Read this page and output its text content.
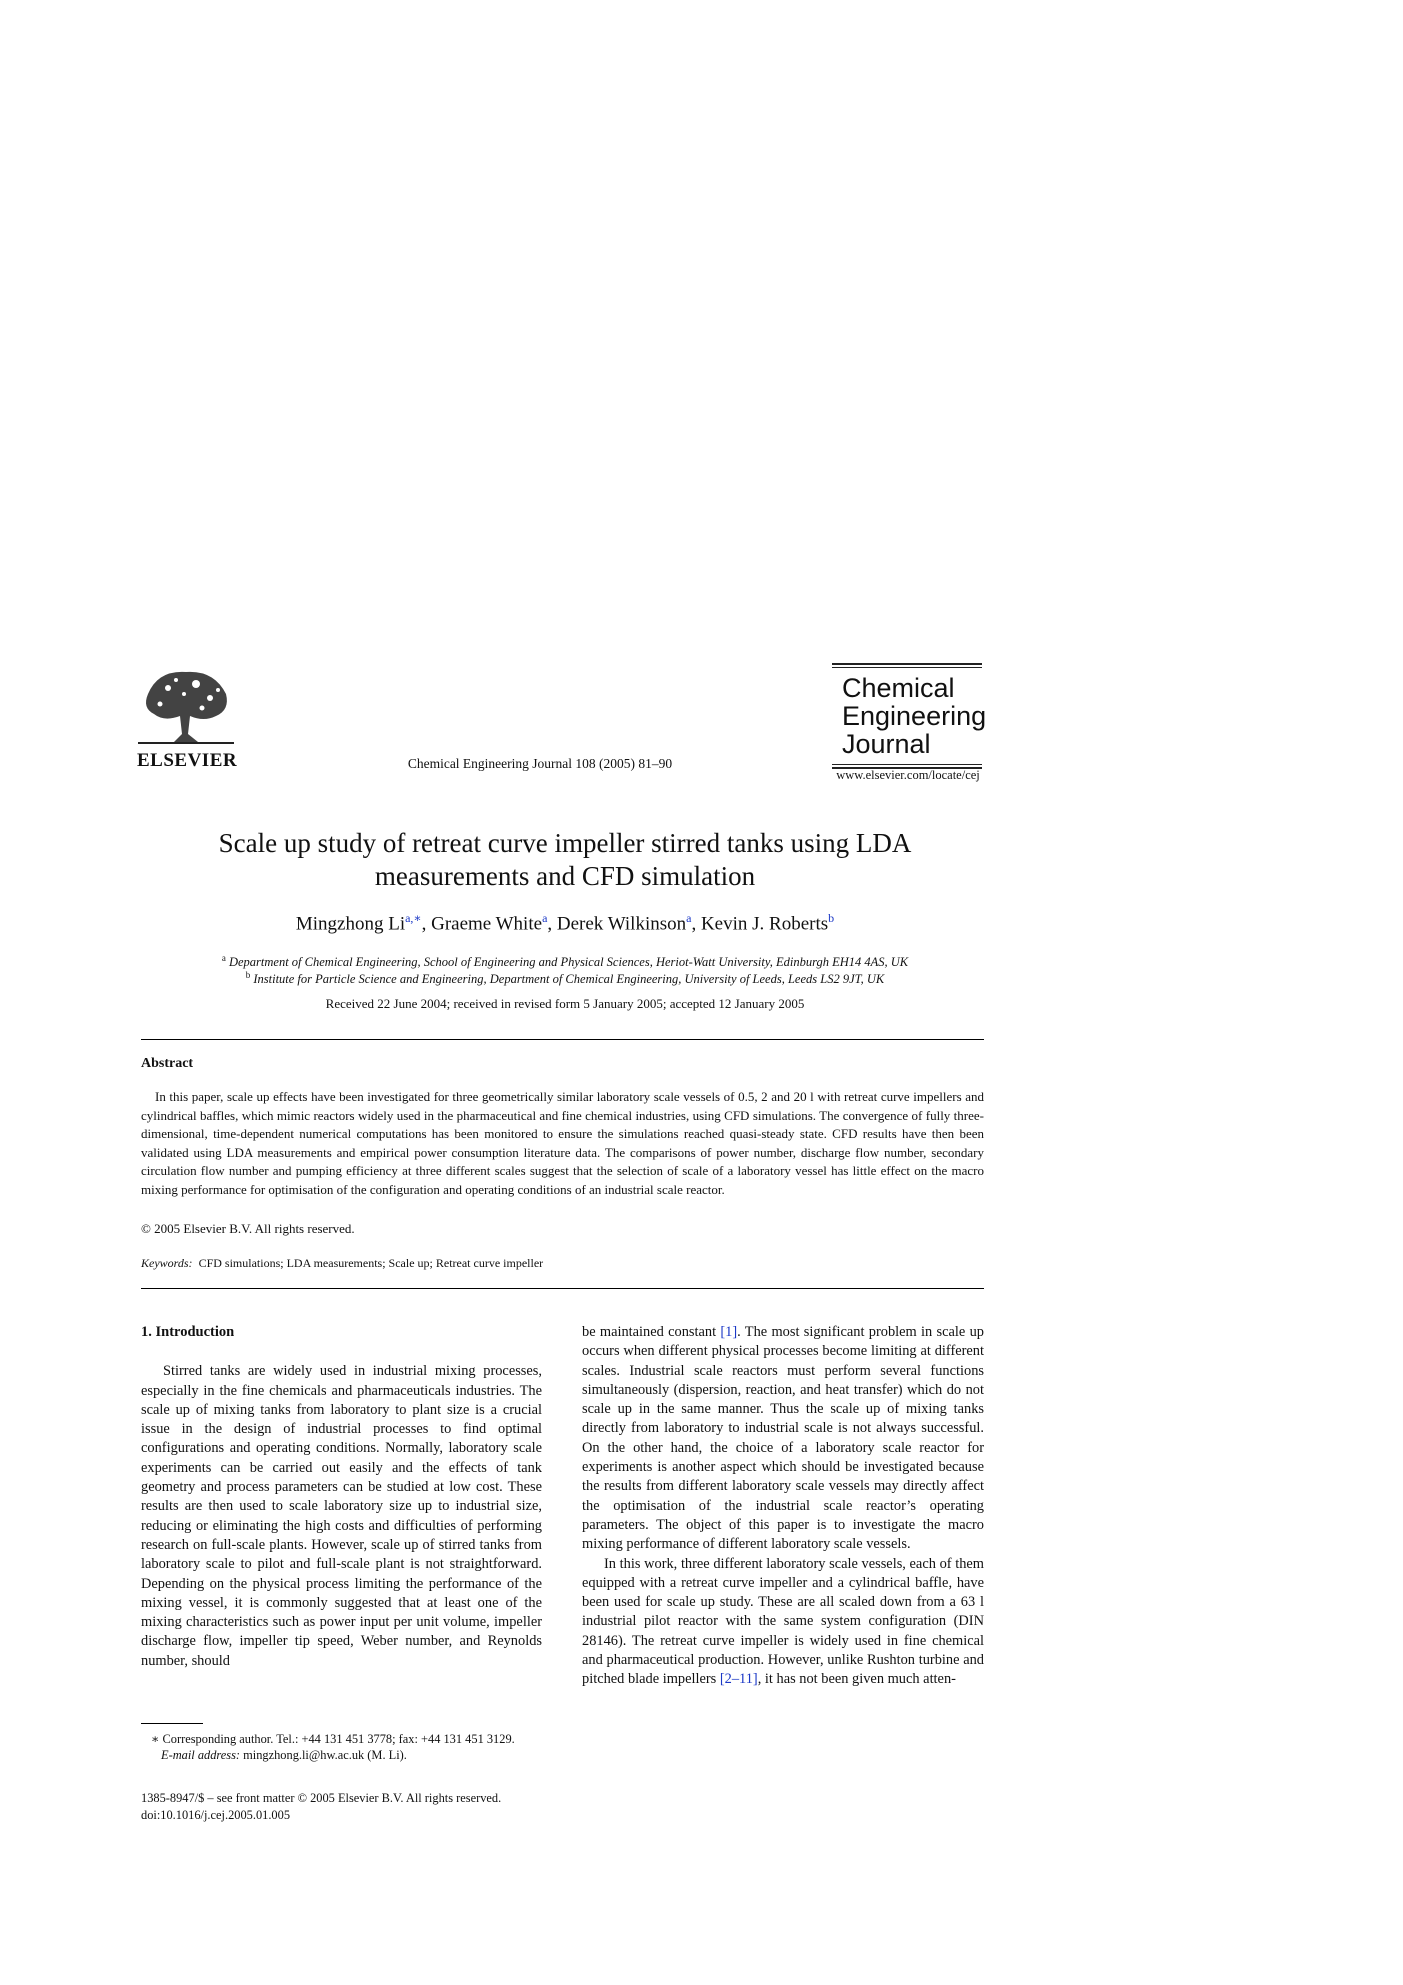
ELSEVIER	Chemical Engineering Journal 108 (2005) 81–90
Chemical
Engineering
Journal
www.elsevier.com/locate/cej
Scale up study of retreat curve impeller stirred tanks using LDA
measurements and CFD simulation
Mingzhong $Li^{a,∗}$, Graeme White$^a$, Derek Wilkinson$^a$, Kevin J. Roberts$^b$
$^a$ Department of Chemical Engineering, School of Engineering and Physical Sciences, Heriot-Watt University, Edinburgh EH14 4AS, UK
$^b$ Institute for Particle Science and Engineering, Department of Chemical Engineering, University of Leeds, Leeds LS2 9JT, UK
Received 22 June 2004; received in revised form 5 January 2005; accepted 12 January 2005
Abstract

In this paper, scale up effects have been investigated for three geometrically similar laboratory scale vessels of 0.5, 2 and 20 l with retreat curve impellers and cylindrical baffles, which mimic reactors widely used in the pharmaceutical and fine chemical industries, using CFD simulations. The convergence of fully three-dimensional, time-dependent numerical computations has been monitored to ensure the simulations reached quasi-steady state. CFD results have then been validated using LDA measurements and empirical power consumption literature data. The comparisons of power number, discharge flow number, secondary circulation flow number and pumping efficiency at three different scales suggest that the selection of scale of a laboratory vessel has little effect on the macro mixing performance for optimisation of the configuration and operating conditions of an industrial scale reactor.

© 2005 Elsevier B.V. All rights reserved.
Keywords: CFD simulations; LDA measurements; Scale up; Retreat curve impeller

1. Introduction

Stirred tanks are widely used in industrial mixing processes, especially in the fine chemicals and pharmaceuticals industries. The scale up of mixing tanks from laboratory to plant size is a crucial issue in the design of industrial processes to find optimal configurations and operating conditions. Normally, laboratory scale experiments can be carried out easily and the effects of tank geometry and process parameters can be studied at low cost. These results are then used to scale laboratory size up to industrial size, reducing or eliminating the high costs and difficulties of performing research on full-scale plants. However, scale up of stirred tanks from laboratory scale to pilot and full-scale plant is not straightforward. Depending on the physical process limiting the performance of the mixing vessel, it is commonly suggested that at least one of the mixing characteristics such as power input per unit volume, impeller discharge flow, impeller tip speed, Weber number, and Reynolds number, should

be maintained constant [1]. The most significant problem in scale up occurs when different physical processes become limiting at different scales. Industrial scale reactors must perform several functions simultaneously (dispersion, reaction, and heat transfer) which do not scale up in the same manner. Thus the scale up of mixing tanks directly from laboratory to industrial scale is not always successful. On the other hand, the choice of a laboratory scale reactor for experiments is another aspect which should be investigated because the results from different laboratory scale vessels may directly affect the optimisation of the industrial scale reactor’s operating parameters. The object of this paper is to investigate the macro mixing performance of different laboratory scale vessels.

In this work, three different laboratory scale vessels, each of them equipped with a retreat curve impeller and a cylindrical baffle, have been used for scale up study. These are all scaled down from a 63 l industrial pilot reactor with the same system configuration (DIN 28146). The retreat curve impeller is widely used in fine chemical and pharmaceutical production. However, unlike Rushton turbine and pitched blade impellers [2–11], it has not been given much atten-

∗ Corresponding author. Tel.: +44 131 451 3778; fax: +44 131 451 3129.
E-mail address: mingzhong.li@hw.ac.uk (M. Li).
1385-8947/$ – see front matter © 2005 Elsevier B.V. All rights reserved.
doi:10.1016/j.cej.2005.01.005
